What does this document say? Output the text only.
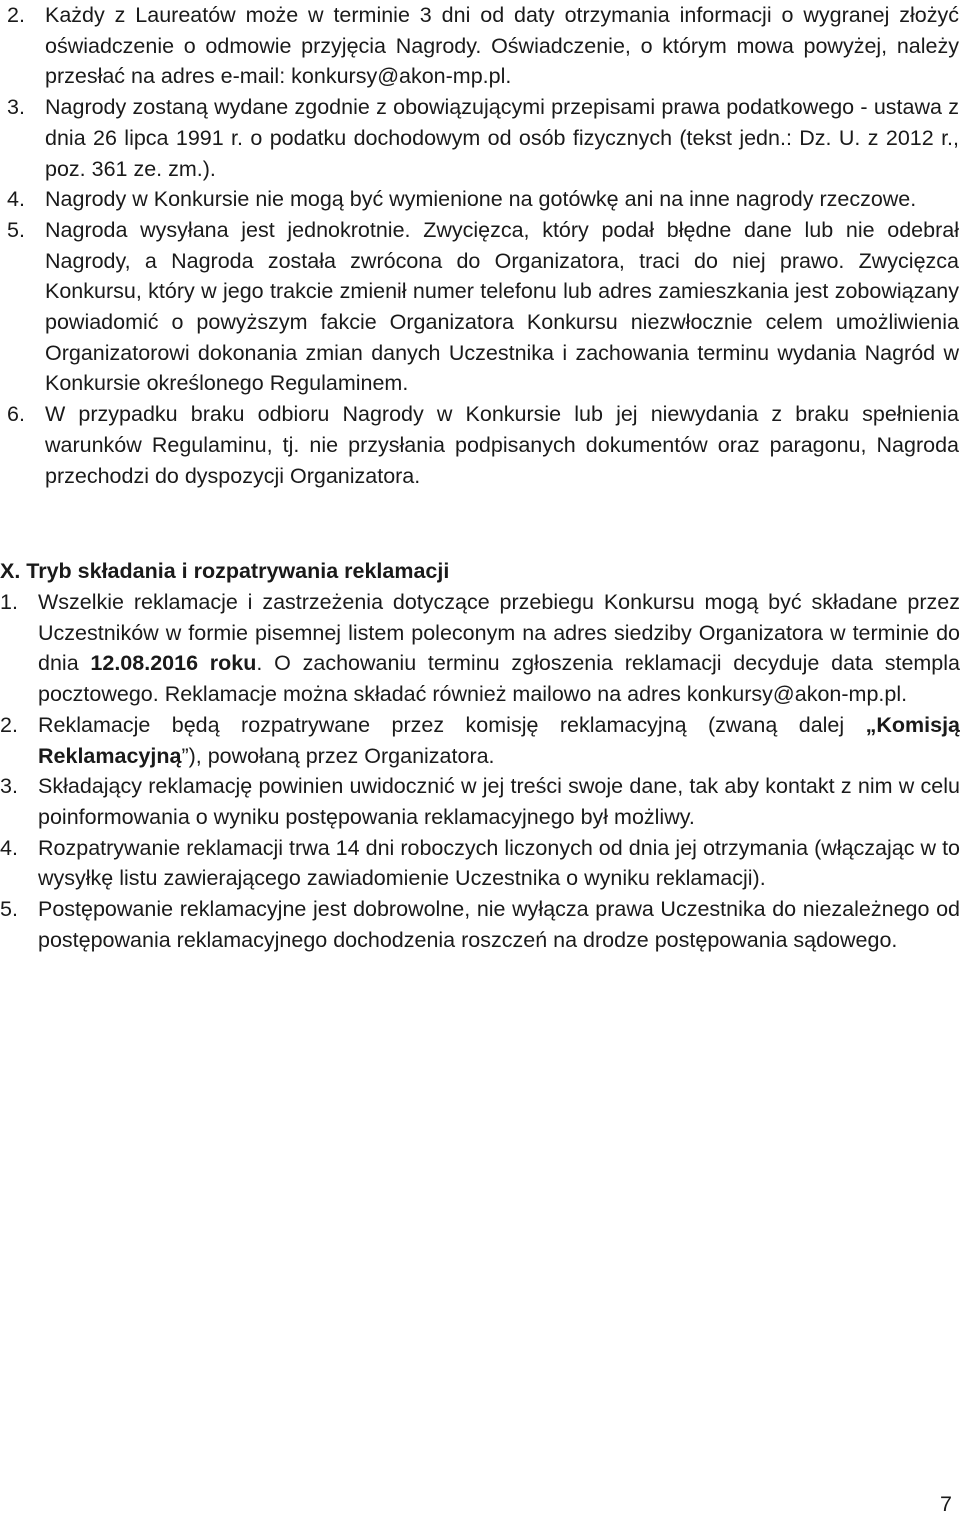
2. Każdy z Laureatów może w terminie 3 dni od daty otrzymania informacji o wygranej złożyć oświadczenie o odmowie przyjęcia Nagrody. Oświadczenie, o którym mowa powyżej, należy przesłać na adres e-mail: konkursy@akon-mp.pl.
3. Nagrody zostaną wydane zgodnie z obowiązującymi przepisami prawa podatkowego - ustawa z dnia 26 lipca 1991 r. o podatku dochodowym od osób fizycznych (tekst jedn.: Dz. U. z 2012 r., poz. 361 ze. zm.).
4. Nagrody w Konkursie nie mogą być wymienione na gotówkę ani na inne nagrody rzeczowe.
5. Nagroda wysyłana jest jednokrotnie. Zwycięzca, który podał błędne dane lub nie odebrał Nagrody, a Nagroda została zwrócona do Organizatora, traci do niej prawo. Zwycięzca Konkursu, który w jego trakcie zmienił numer telefonu lub adres zamieszkania jest zobowiązany powiadomić o powyższym fakcie Organizatora Konkursu niezwłocznie celem umożliwienia Organizatorowi dokonania zmian danych Uczestnika i zachowania terminu wydania Nagród w Konkursie określonego Regulaminem.
6. W przypadku braku odbioru Nagrody w Konkursie lub jej niewydania z braku spełnienia warunków Regulaminu, tj. nie przysłania podpisanych dokumentów oraz paragonu, Nagroda przechodzi do dyspozycji Organizatora.
X. Tryb składania i rozpatrywania reklamacji
1. Wszelkie reklamacje i zastrzeżenia dotyczące przebiegu Konkursu mogą być składane przez Uczestników w formie pisemnej listem poleconym na adres siedziby Organizatora w terminie do dnia 12.08.2016 roku. O zachowaniu terminu zgłoszenia reklamacji decyduje data stempla pocztowego. Reklamacje można składać również mailowo na adres konkursy@akon-mp.pl.
2. Reklamacje będą rozpatrywane przez komisję reklamacyjną (zwaną dalej „Komisją Reklamacyjną”), powołaną przez Organizatora.
3. Składający reklamację powinien uwidocznić w jej treści swoje dane, tak aby kontakt z nim w celu poinformowania o wyniku postępowania reklamacyjnego był możliwy.
4. Rozpatrywanie reklamacji trwa 14 dni roboczych liczonych od dnia jej otrzymania (włączając w to wysyłkę listu zawierającego zawiadomienie Uczestnika o wyniku reklamacji).
5. Postępowanie reklamacyjne jest dobrowolne, nie wyłącza prawa Uczestnika do niezależnego od postępowania reklamacyjnego dochodzenia roszczeń na drodze postępowania sądowego.
7
